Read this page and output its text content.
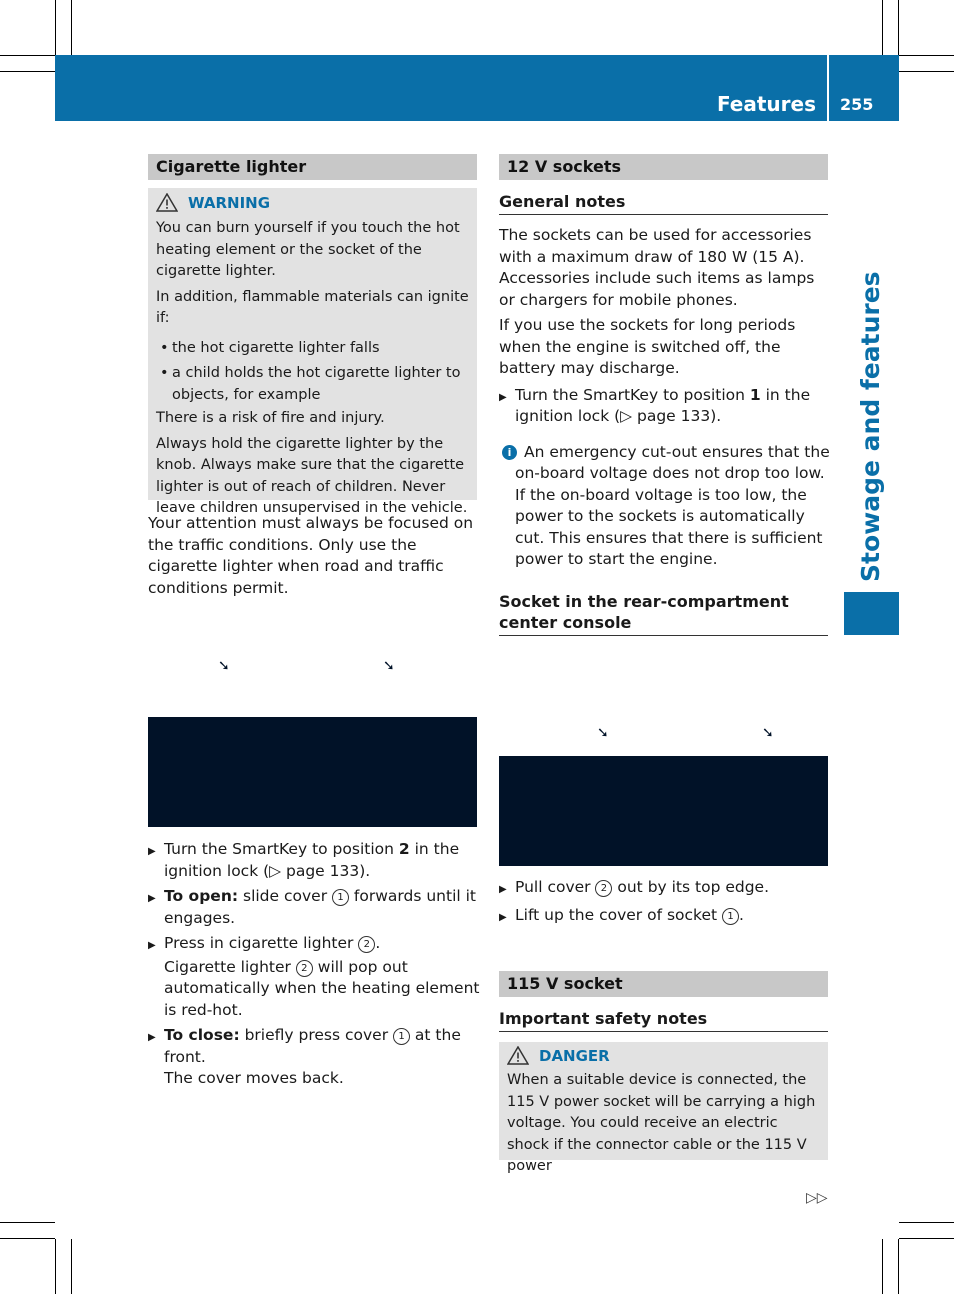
Features 255
Stowage and features
Cigarette lighter
WARNING

You can burn yourself if you touch the hot heating element or the socket of the cigarette lighter.

In addition, flammable materials can ignite if:

• the hot cigarette lighter falls

• a child holds the hot cigarette lighter to objects, for example

There is a risk of fire and injury.

Always hold the cigarette lighter by the knob. Always make sure that the cigarette lighter is out of reach of children. Never leave children unsupervised in the vehicle.

Your attention must always be focused on the traffic conditions. Only use the cigarette lighter when road and traffic conditions permit.

➘	➘

▶ Turn the SmartKey to position 2 in the ignition lock (▷ page 133).

▶ To open: slide cover 1 forwards until it engages.

▶ Press in cigarette lighter 2 .

Cigarette lighter 2 will pop out automatically when the heating element is red-hot.

▶ To close: briefly press cover 1 at the front.

The cover moves back.

12 V sockets
General notes

The sockets can be used for accessories with a maximum draw of 180 W (15 A). Accessories include such items as lamps or chargers for mobile phones.

If you use the sockets for long periods when the engine is switched off, the battery may discharge.

▶ Turn the SmartKey to position 1 in the ignition lock (▷ page 133).

i An emergency cut-out ensures that the on-board voltage does not drop too low. If the on-board voltage is too low, the power to the sockets is automatically cut. This ensures that there is sufficient power to start the engine.

Socket in the rear-compartment center console
➘	➘

▶ Pull cover 2 out by its top edge.

▶ Lift up the cover of socket 1 .

115 V socket
Important safety notes
DANGER

When a suitable device is connected, the 115 V power socket will be carrying a high voltage. You could receive an electric shock if the connector cable or the 115 V power

▷▷
